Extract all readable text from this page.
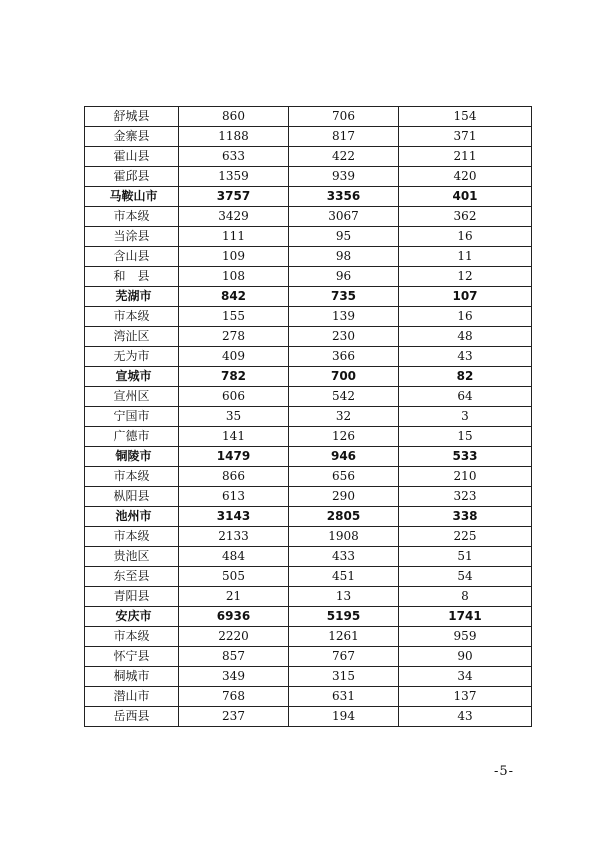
舒城县	860	706	154
金寨县	1188	817	371
霍山县	633	422	211
霍邱县	1359	939	420
马鞍山市	3757	3356	401
市本级	3429	3067	362
当涂县	111	95	16
含山县	109	98	11
和　县	108	96	12
芜湖市	842	735	107
市本级	155	139	16
湾沚区	278	230	48
无为市	409	366	43
宣城市	782	700	82
宣州区	606	542	64
宁国市	35	32	3
广德市	141	126	15
铜陵市	1479	946	533
市本级	866	656	210
枞阳县	613	290	323
池州市	3143	2805	338
市本级	2133	1908	225
贵池区	484	433	51
东至县	505	451	54
青阳县	21	13	8
安庆市	6936	5195	1741
市本级	2220	1261	959
怀宁县	857	767	90
桐城市	349	315	34
潜山市	768	631	137
岳西县	237	194	43
-5-
